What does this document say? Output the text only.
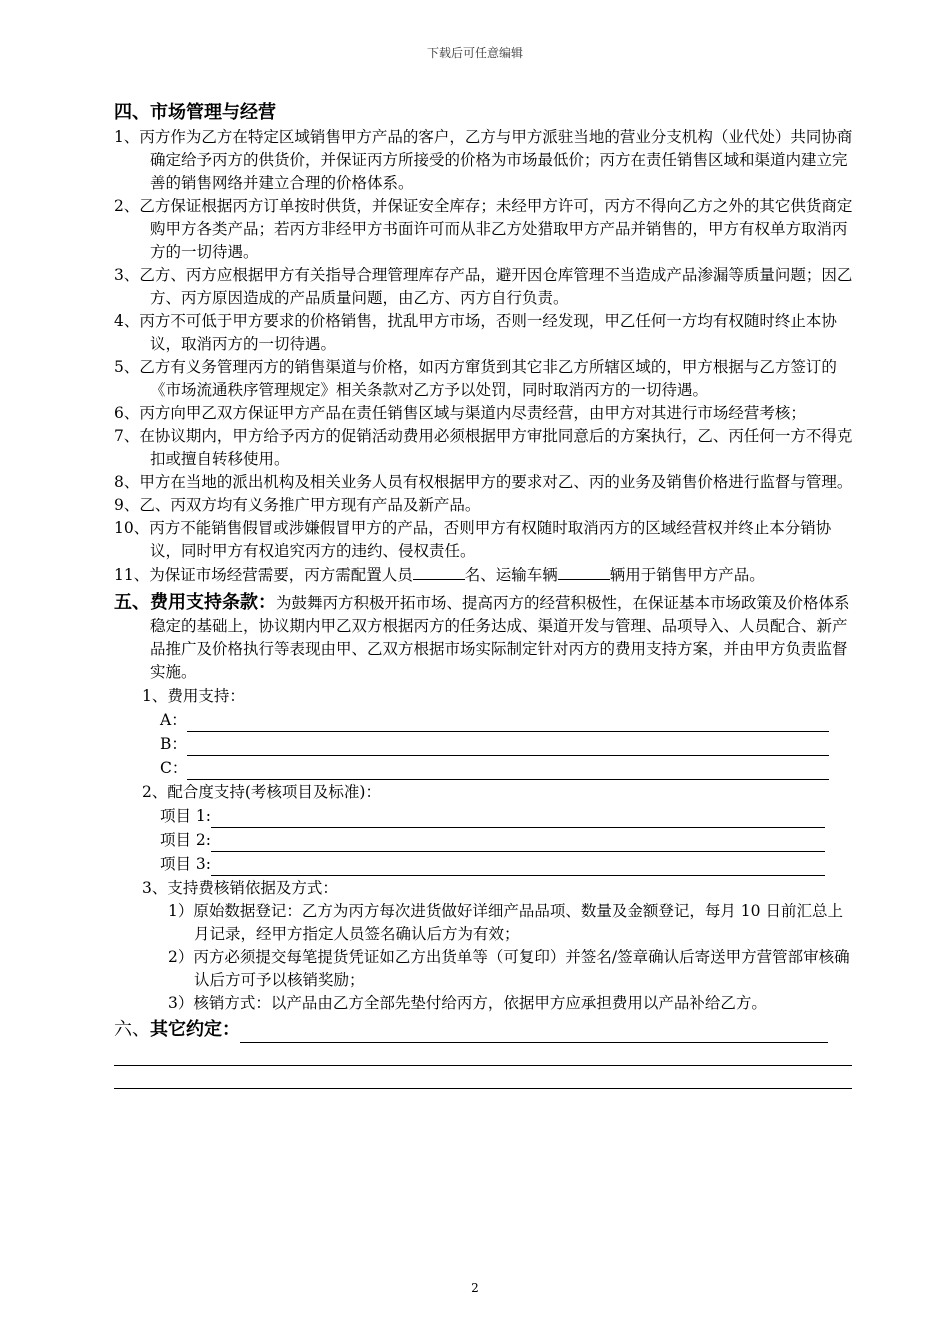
下载后可任意编辑
四、市场管理与经营
1、丙方作为乙方在特定区域销售甲方产品的客户，乙方与甲方派驻当地的营业分支机构（业代处）共同协商确定给予丙方的供货价，并保证丙方所接受的价格为市场最低价；丙方在责任销售区域和渠道内建立完善的销售网络并建立合理的价格体系。
2、乙方保证根据丙方订单按时供货，并保证安全库存；未经甲方许可，丙方不得向乙方之外的其它供货商定购甲方各类产品；若丙方非经甲方书面许可而从非乙方处猎取甲方产品并销售的，甲方有权单方取消丙方的一切待遇。
3、乙方、丙方应根据甲方有关指导合理管理库存产品，避开因仓库管理不当造成产品渗漏等质量问题；因乙方、丙方原因造成的产品质量问题，由乙方、丙方自行负责。
4、丙方不可低于甲方要求的价格销售，扰乱甲方市场，否则一经发现，甲乙任何一方均有权随时终止本协议，取消丙方的一切待遇。
5、乙方有义务管理丙方的销售渠道与价格，如丙方窜货到其它非乙方所辖区域的，甲方根据与乙方签订的《市场流通秩序管理规定》相关条款对乙方予以处罚，同时取消丙方的一切待遇。
6、丙方向甲乙双方保证甲方产品在责任销售区域与渠道内尽责经营，由甲方对其进行市场经营考核；
7、在协议期内，甲方给予丙方的促销活动费用必须根据甲方审批同意后的方案执行，乙、丙任何一方不得克扣或擅自转移使用。
8、甲方在当地的派出机构及相关业务人员有权根据甲方的要求对乙、丙的业务及销售价格进行监督与管理。
9、乙、丙双方均有义务推广甲方现有产品及新产品。
10、丙方不能销售假冒或涉嫌假冒甲方的产品，否则甲方有权随时取消丙方的区域经营权并终止本分销协议，同时甲方有权追究丙方的违约、侵权责任。
11、为保证市场经营需要，丙方需配置人员	名、运输车辆	辆用于销售甲方产品。
五、费用支持条款：为鼓舞丙方积极开拓市场、提高丙方的经营积极性，在保证基本市场政策及价格体系稳定的基础上，协议期内甲乙双方根据丙方的任务达成、渠道开发与管理、品项导入、人员配合、新产品推广及价格执行等表现由甲、乙双方根据市场实际制定针对丙方的费用支持方案，并由甲方负责监督实施。
1、费用支持：
A：
B：
C：
2、配合度支持(考核项目及标准)：
项目 1:
项目 2:
项目 3:
3、支持费核销依据及方式：
1）原始数据登记：乙方为丙方每次进货做好详细产品品项、数量及金额登记，每月 10 日前汇总上月记录，经甲方指定人员签名确认后方为有效；
2）丙方必须提交每笔提货凭证如乙方出货单等（可复印）并签名/签章确认后寄送甲方营管部审核确认后方可予以核销奖励；
3）核销方式：以产品由乙方全部先垫付给丙方，依据甲方应承担费用以产品补给乙方。
六、 其它约定：
2
